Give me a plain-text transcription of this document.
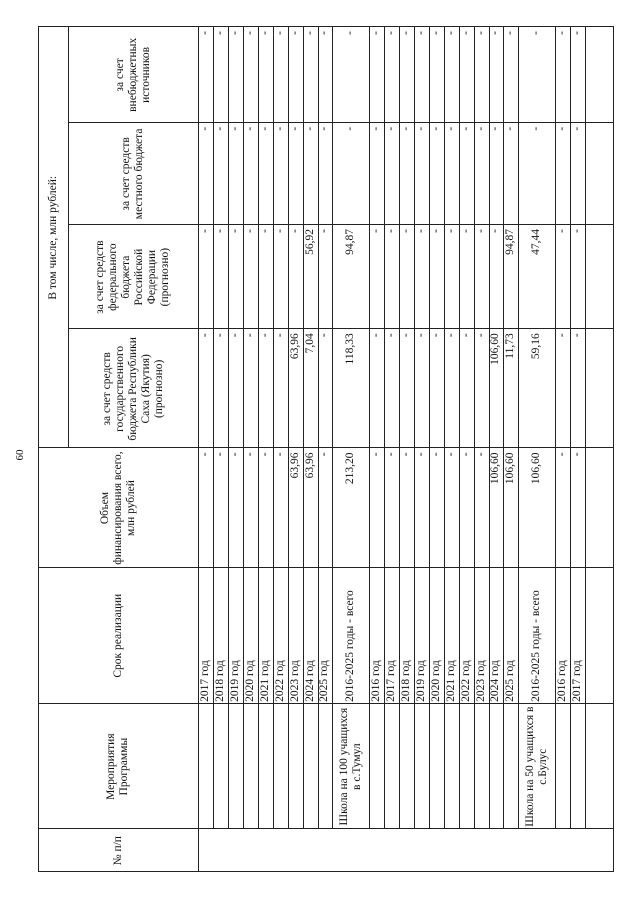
60
№ п/п
Мероприятия Программы
Срок реализации
Объем финансирования всего, млн рублей
В том числе, млн рублей:
за счет средств государственного бюджета Республики Саха (Якутия) (прогнозно)
за счет средств федерального бюджета Российской Федерации (прогнозно)
за счет средств местного бюджета
за счет внебюджетных источников
2017 год
-
-
-
-
-
2018 год
-
-
-
-
-
2019 год
-
-
-
-
-
2020 год
-
-
-
-
-
2021 год
-
-
-
-
-
2022 год
-
-
-
-
-
2023 год
63,96
63,96
-
-
-
2024 год
63,96
7,04
56,92
-
-
2025 год
-
-
-
-
-
2016-2025 годы - всего
Школа на 100 учащихся в с.Тумул
213,20
118,33
94,87
-
-
2016 год
-
-
-
-
-
2017 год
-
-
-
-
-
2018 год
-
-
-
-
-
2019 год
-
-
-
-
-
2020 год
-
-
-
-
-
2021 год
-
-
-
-
-
2022 год
-
-
-
-
-
2023 год
-
-
-
-
-
2024 год
106,60
106,60
-
-
-
2025 год
106,60
11,73
94,87
-
-
2016-2025 годы - всего
Школа на 50 учащихся в с.Булус
106,60
59,16
47,44
-
-
2016 год
-
-
-
-
-
2017 год
-
-
-
-
-
